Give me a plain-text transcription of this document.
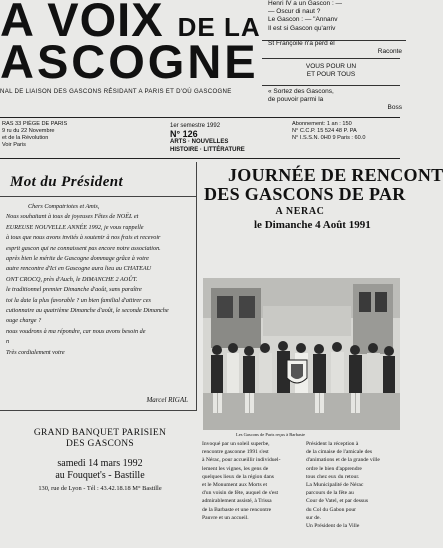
A VOIX DE LA
ASCOGNE
NAL DE LIAISON DES GASCONS RÉSIDANT A PARIS ET D'OÙ GASCOGNE
Henri IV a un Gascon : —
— Oscur di naut ?
Le Gascon : — "Annanv
Il est si Gascon qu'arriv
St Françoile n'a perd él
Raconte
VOUS POUR UN
ET POUR TOUS
« Sortez des Gascons,
de pouvoir parmi la
Boss
RAS 33 PIÈGE DE PARIS
9 ru du 22 Novembre
et de la Révolution
Voir Paris
1er semestre 1992
N° 126
ARTS · NOUVELLES
HISTOIRE · LITTÉRATURE
Abonnement: 1 an : 150
N° C.C.P. 15 524 48 P. PA
N° I.S.S.N. 0H0 9 Paris : 60.0
Mot du Président

Chers Compatriotes et Amis,

Nous souhaitant à tous de joyeuses Fêtes de NOËL et

EUREUSE NOUVELLE ANNÉE 1992, je vous rappelle

à tous que nous avons invités à soutenir à nos frais et recevoir

esprit gascon qui ne connaissent pas encore notre association.

après bien le mérite de Gascogne dommage grâce à votre

autre rencontre d'Ici en Gascogne aura lieu au CHATEAU

ONT CROCQ, près d'Auch, le DIMANCHE 2 AOÛT.

le traditionnel premier Dimanche d'août, sans paraître

toi la date la plus favorable ? un bien familial d'attirer ces

cutionnaire au quatrième Dimanche d'août, le seconde Dimanche

ouge charge ?

nous voudrons à ma répondre, car nous avons besoin de

n

Très cordialement votre

Marcel RIGAL
GRAND BANQUET PARISIEN
DES GASCONS
samedi 14 mars 1992
au Fouquet's - Bastille
130, rue de Lyon - Tél : 43.42.18.18 M° Bastille
JOURNÉE DE RENCONT
DES GASCONS DE PAR
A NERAC
le Dimanche 4 Août 1991
Les Gascons de Paris reçus à Barbaste
Invoqué par un soleil superbe,
rencontre gasconne 1991 s'est
à Nérac, pour accueillir individuel-
lement les vignes, les gens de
quelques lieux de la région dans
et le Monument aux Morts et
d'un voisin de fête, auquel de s'est
admirablement assisté, à Trissa
de la Barbaste et une rencontre
Pauvre et un accueil.
Président la réception à
de la cimaise de l'amicale des
d'animations et de la grande ville
ordre le bien d'apprendre
tous chez eux du retour.
La Municipalité de Nérac
parcours de la fête au
Cour de Vatel, et par dessus
du Col du Gabon pour
sur de.
Un Président de la Ville
